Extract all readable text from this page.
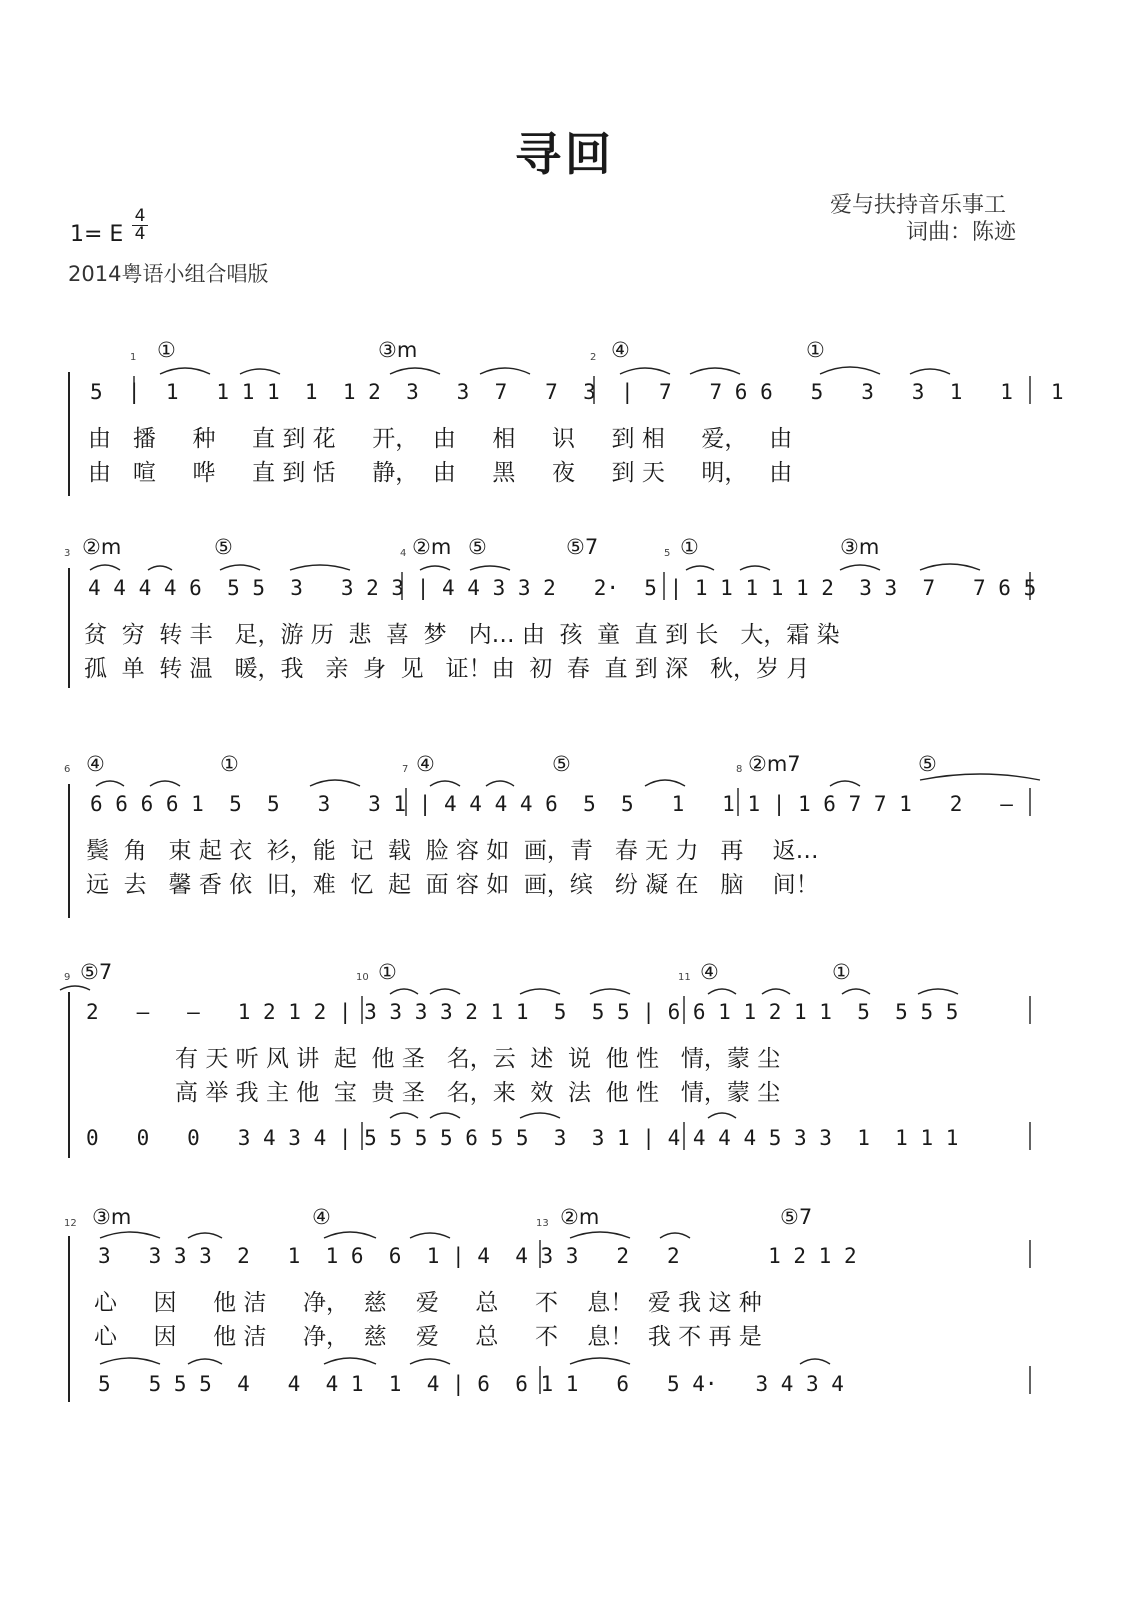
寻回
爱与扶持音乐事工
词曲：陈迹
1= E $\frac{4}{4}$
2014粤语小组合唱版
1	2
①	③m	④	①
5  |  1   1 1 1  1  1 2  3   3  7   7  3  |  7   7 6 6   5   3   3  1   1   1
由   播     种     直 到 花     开，  由     相     识     到 相     爱，   由
由   喧     哗     直 到 恬     静，  由     黑     夜     到 天     明，   由
3	4	5
②m	⑤	②m ⑤	⑤7	①	③m
4 4 4 4 6  5 5  3   3 2 3 | 4 4 3 3 2   2·  5 | 1 1 1 1 1 2  3 3  7   7 6 5
贫  穷  转 丰   足，游 历  悲  喜  梦   内… 由  孩  童  直 到 长   大，霜 染
孤  单  转 温   暖，我   亲  身  见   证！由  初  春  直 到 深   秋，岁 月
6	7	8
④	①	④	⑤	②m7	⑤
6 6 6 6 1  5  5   3   3 1 | 4 4 4 4 6  5  5   1   1 1 | 1 6 7 7 1   2   —
鬓  角   束 起 衣  衫，能  记  载  脸 容 如  画，青   春 无 力   再    返…
远  去   馨 香 依  旧，难  忆  起  面 容 如  画，缤   纷 凝 在   脑    间！
9	10	11
⑤7	①	④	①
2   —   —   1 2 1 2 | 3 3 3 3 2 1 1  5  5 5 | 6 6 1 1 2 1 1  5  5 5 5
有 天 听 风 讲  起  他 圣   名，云  述  说  他 性   情，蒙 尘
高 举 我 主 他  宝  贵 圣   名，来  效  法  他 性   情，蒙 尘
0   0   0   3 4 3 4 | 5 5 5 5 6 5 5  3  3 1 | 4 4 4 4 5 3 3  1  1 1 1
12	13
③m	④	②m	⑤7
3   3 3 3  2   1  1 6  6  1 | 4  4 3 3   2   2       1 2 1 2
心     因     他 洁     净，  慈    爱     总     不    息！  爱 我 这 种
心     因     他 洁     净，  慈    爱     总     不    息！  我 不 再 是
5   5 5 5  4   4  4 1  1  4 | 6  6 1 1   6   5 4·   3 4 3 4
